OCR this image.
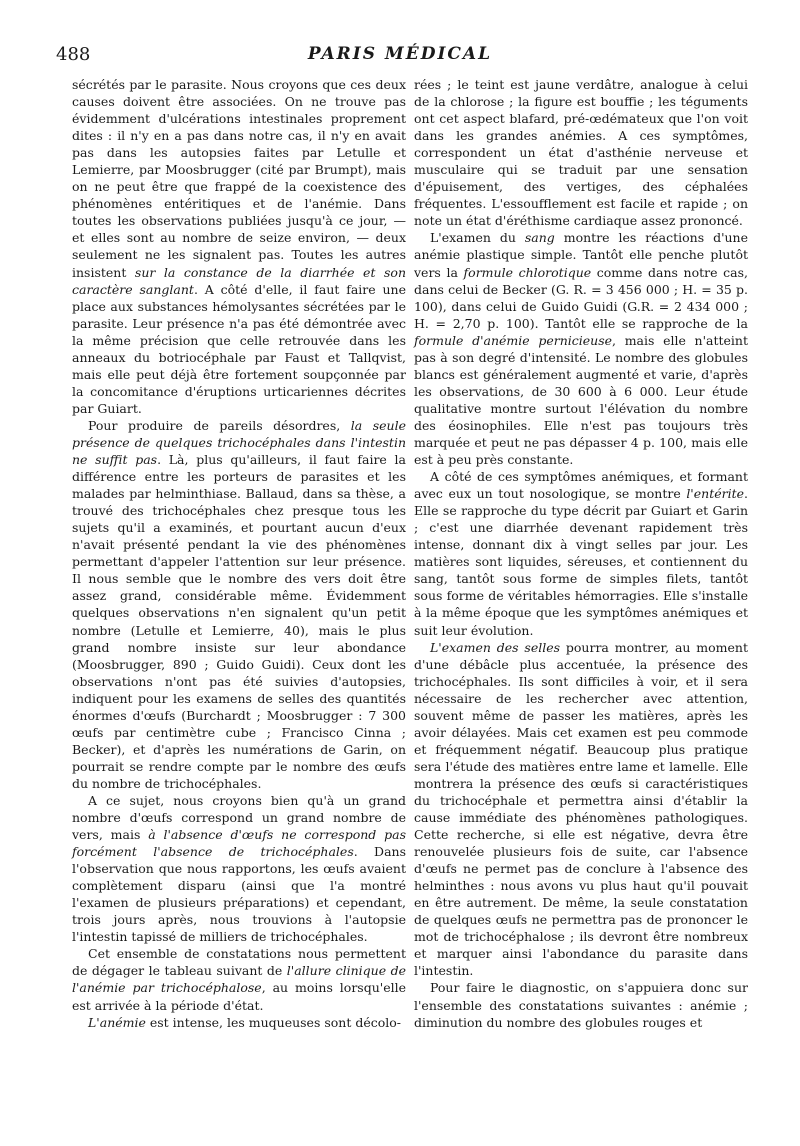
488	PARIS MÉDICAL

sécrétés par le parasite. Nous croyons que ces deux causes doivent être associées. On ne trouve pas évidemment d'ulcérations intestinales proprement dites : il n'y en a pas dans notre cas, il n'y en avait pas dans les autopsies faites par Letulle et Lemierre, par Moosbrugger (cité par Brumpt), mais on ne peut être que frappé de la coexistence des phénomènes entéritiques et de l'anémie. Dans toutes les observations publiées jusqu'à ce jour, — et elles sont au nombre de seize environ, — deux seulement ne les signalent pas. Toutes les autres insistent sur la constance de la diarrhée et son caractère sanglant. A côté d'elle, il faut faire une place aux substances hémolysantes sécrétées par le parasite. Leur présence n'a pas été démontrée avec la même précision que celle retrouvée dans les anneaux du botriocéphale par Faust et Tallqvist, mais elle peut déjà être fortement soupçonnée par la concomitance d'éruptions urticariennes décrites par Guiart.

Pour produire de pareils désordres, la seule présence de quelques trichocéphales dans l'intestin ne suffit pas. Là, plus qu'ailleurs, il faut faire la différence entre les porteurs de parasites et les malades par helminthiase. Ballaud, dans sa thèse, a trouvé des trichocéphales chez presque tous les sujets qu'il a examinés, et pourtant aucun d'eux n'avait présenté pendant la vie des phénomènes permettant d'appeler l'attention sur leur présence. Il nous semble que le nombre des vers doit être assez grand, considérable même. Évidemment quelques observations n'en signalent qu'un petit nombre (Letulle et Lemierre, 40), mais le plus grand nombre insiste sur leur abondance (Moosbrugger, 890 ; Guido Guidi). Ceux dont les observations n'ont pas été suivies d'autopsies, indiquent pour les examens de selles des quantités énormes d'œufs (Burchardt ; Moosbrugger : 7 300 œufs par centimètre cube ; Francisco Cinna ; Becker), et d'après les numérations de Garin, on pourrait se rendre compte par le nombre des œufs du nombre de trichocéphales.

A ce sujet, nous croyons bien qu'à un grand nombre d'œufs correspond un grand nombre de vers, mais à l'absence d'œufs ne correspond pas forcément l'absence de trichocéphales. Dans l'observation que nous rapportons, les œufs avaient complètement disparu (ainsi que l'a montré l'examen de plusieurs préparations) et cependant, trois jours après, nous trouvions à l'autopsie l'intestin tapissé de milliers de trichocéphales.

Cet ensemble de constatations nous permettent de dégager le tableau suivant de l'allure clinique de l'anémie par trichocéphalose, au moins lorsqu'elle est arrivée à la période d'état.

L'anémie est intense, les muqueuses sont décolo-

rées ; le teint est jaune verdâtre, analogue à celui de la chlorose ; la figure est bouffie ; les téguments ont cet aspect blafard, pré-œdémateux que l'on voit dans les grandes anémies. A ces symptômes, correspondent un état d'asthénie nerveuse et musculaire qui se traduit par une sensation d'épuisement, des vertiges, des céphalées fréquentes. L'essoufflement est facile et rapide ; on note un état d'éréthisme cardiaque assez prononcé.

L'examen du sang montre les réactions d'une anémie plastique simple. Tantôt elle penche plutôt vers la formule chlorotique comme dans notre cas, dans celui de Becker (G. R. = 3 456 000 ; H. = 35 p. 100), dans celui de Guido Guidi (G.R. = 2 434 000 ; H. = 2,70 p. 100). Tantôt elle se rapproche de la formule d'anémie pernicieuse, mais elle n'atteint pas à son degré d'intensité. Le nombre des globules blancs est généralement augmenté et varie, d'après les observations, de 30 600 à 6 000. Leur étude qualitative montre surtout l'élévation du nombre des éosinophiles. Elle n'est pas toujours très marquée et peut ne pas dépasser 4 p. 100, mais elle est à peu près constante.

A côté de ces symptômes anémiques, et formant avec eux un tout nosologique, se montre l'entérite. Elle se rapproche du type décrit par Guiart et Garin ; c'est une diarrhée devenant rapidement très intense, donnant dix à vingt selles par jour. Les matières sont liquides, séreuses, et contiennent du sang, tantôt sous forme de simples filets, tantôt sous forme de véritables hémorragies. Elle s'installe à la même époque que les symptômes anémiques et suit leur évolution.

L'examen des selles pourra montrer, au moment d'une débâcle plus accentuée, la présence des trichocéphales. Ils sont difficiles à voir, et il sera nécessaire de les rechercher avec attention, souvent même de passer les matières, après les avoir délayées. Mais cet examen est peu commode et fréquemment négatif. Beaucoup plus pratique sera l'étude des matières entre lame et lamelle. Elle montrera la présence des œufs si caractéristiques du trichocéphale et permettra ainsi d'établir la cause immédiate des phénomènes pathologiques. Cette recherche, si elle est négative, devra être renouvelée plusieurs fois de suite, car l'absence d'œufs ne permet pas de conclure à l'absence des helminthes : nous avons vu plus haut qu'il pouvait en être autrement. De même, la seule constatation de quelques œufs ne permettra pas de prononcer le mot de trichocéphalose ; ils devront être nombreux et marquer ainsi l'abondance du parasite dans l'intestin.

Pour faire le diagnostic, on s'appuiera donc sur l'ensemble des constatations suivantes : anémie ; diminution du nombre des globules rouges et
